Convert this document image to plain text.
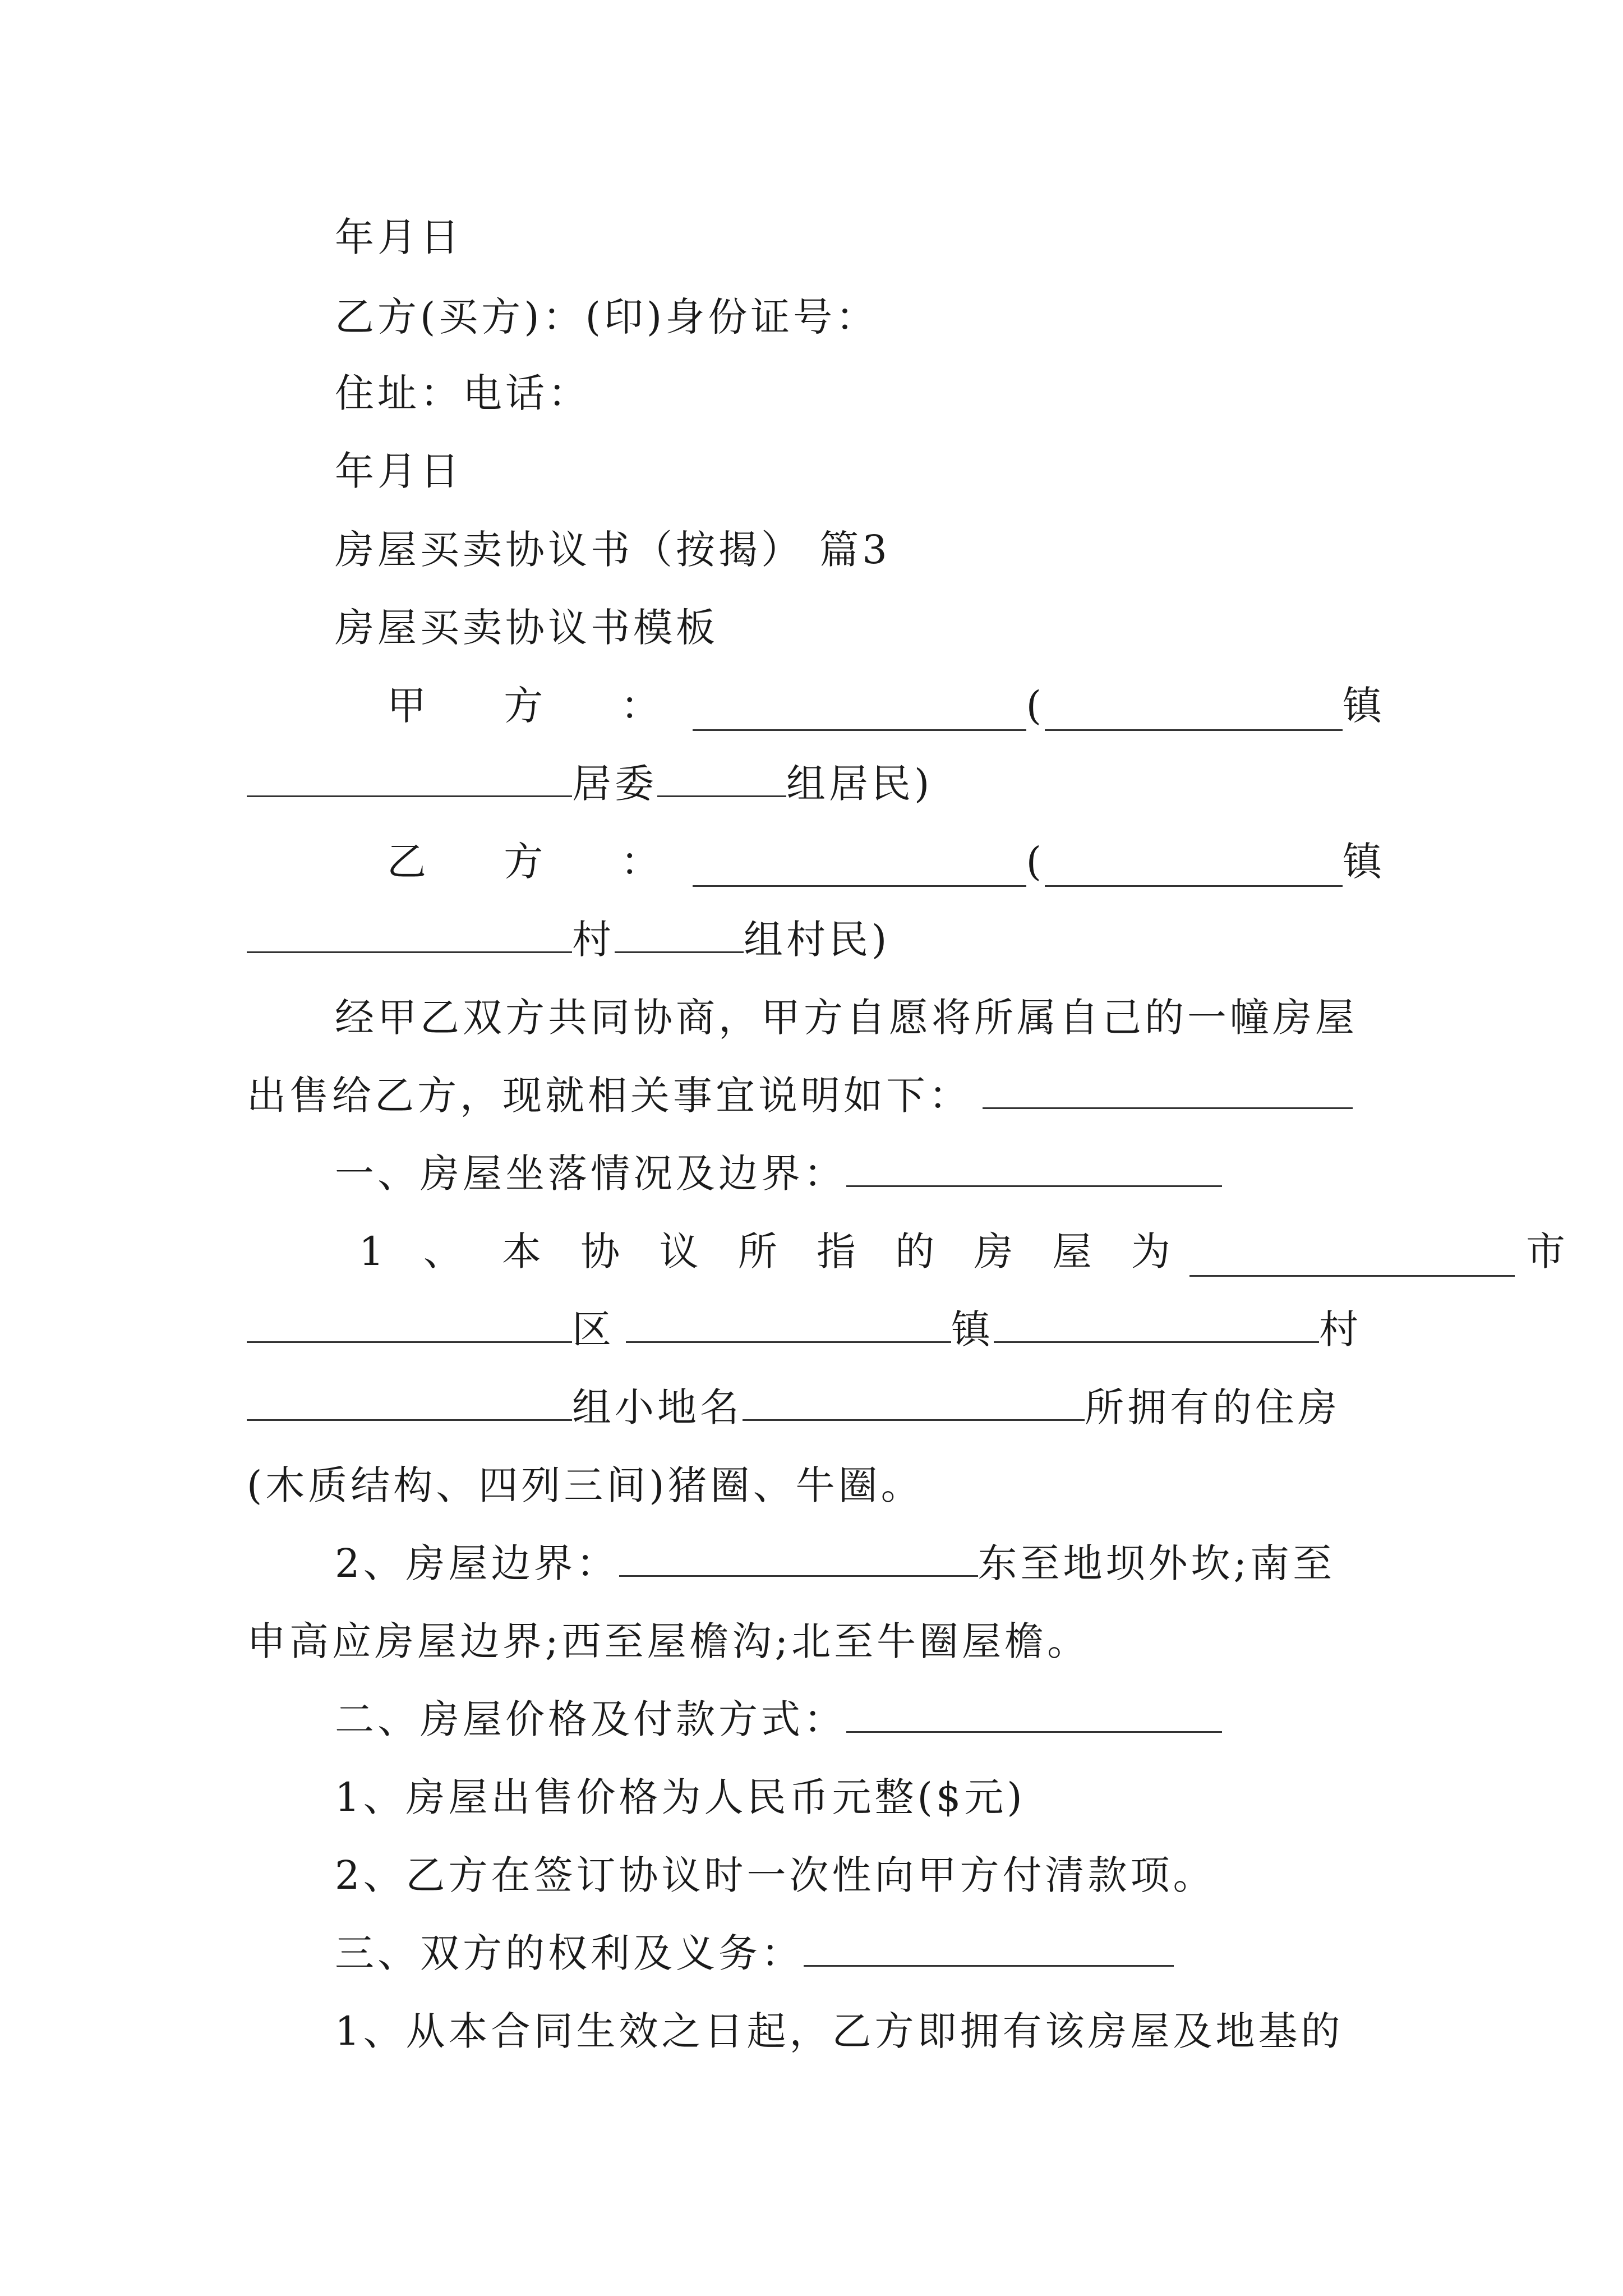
年月日
乙方(买方)：(印)身份证号：
住址：电话：
年月日
房屋买卖协议书（按揭） 篇3
房屋买卖协议书模板
甲 方 ：	(	镇
居委	组居民)
乙 方 ：	(	镇
村	组村民)
经甲乙双方共同协商，甲方自愿将所属自己的一幢房屋
出售给乙方，现就相关事宜说明如下：
一、房屋坐落情况及边界：
1 、 本 协 议 所 指 的 房 屋 为	市
区	镇	村
组小地名	所拥有的住房
(木质结构、四列三间)猪圈、牛圈。
2、房屋边界：	东至地坝外坎;南至
申高应房屋边界;西至屋檐沟;北至牛圈屋檐。
二、房屋价格及付款方式：
1、房屋出售价格为人民币元整($元)
2、乙方在签订协议时一次性向甲方付清款项。
三、双方的权利及义务：
1、从本合同生效之日起，乙方即拥有该房屋及地基的
